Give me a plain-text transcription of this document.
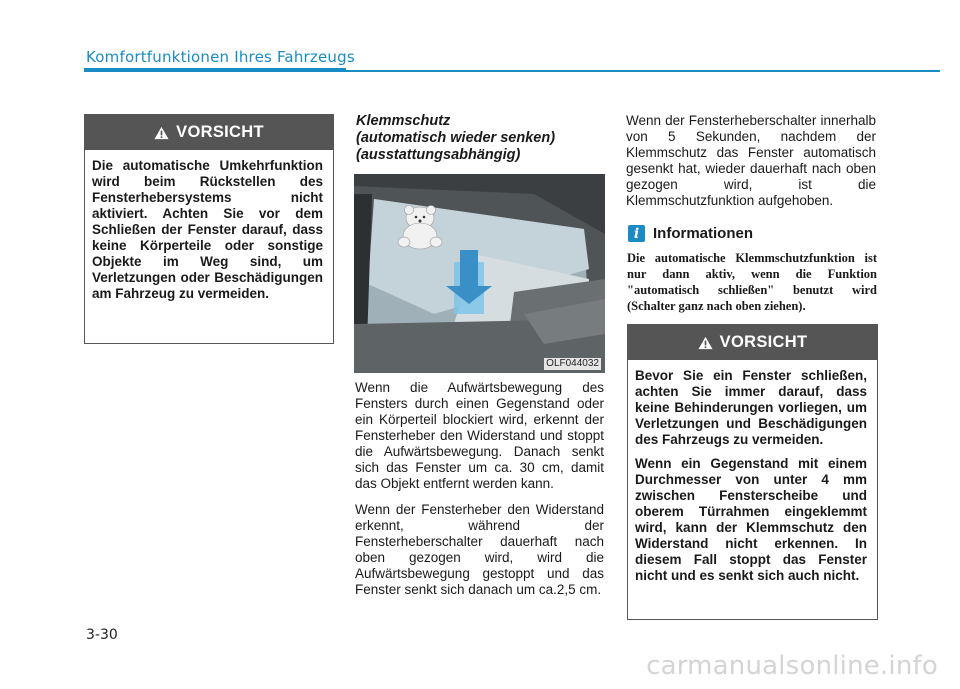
Komfortfunktionen Ihres Fahrzeugs
VORSICHT

Die automatische Umkehrfunktion wird beim Rückstellen des Fensterhebersystems nicht aktiviert. Achten Sie vor dem Schließen der Fenster darauf, dass keine Körperteile oder sonstige Objekte im Weg sind, um Verletzungen oder Beschädigungen am Fahrzeug zu vermeiden.

Klemmschutz
(automatisch wieder senken)
(ausstattungsabhängig)
OLF044032

Wenn die Aufwärtsbewegung des Fensters durch einen Gegenstand oder ein Körperteil blockiert wird, erkennt der Fensterheber den Widerstand und stoppt die Aufwärtsbewegung. Danach senkt sich das Fenster um ca. 30 cm, damit das Objekt entfernt werden kann.

Wenn der Fensterheber den Widerstand erkennt, während der Fensterheberschalter dauerhaft nach oben gezogen wird, wird die Aufwärtsbewegung gestoppt und das Fenster senkt sich danach um ca.2,5 cm.

Wenn der Fensterheberschalter innerhalb von 5 Sekunden, nachdem der Klemmschutz das Fenster automatisch gesenkt hat, wieder dauerhaft nach oben gezogen wird, ist die Klemmschutzfunktion aufgehoben.

i Informationen
Die automatische Klemmschutzfunktion ist nur dann aktiv, wenn die Funktion "automatisch schließen" benutzt wird (Schalter ganz nach oben ziehen).
VORSICHT

Bevor Sie ein Fenster schließen, achten Sie immer darauf, dass keine Behinderungen vorliegen, um Verletzungen und Beschädigungen des Fahrzeugs zu vermeiden.

Wenn ein Gegenstand mit einem Durchmesser von unter 4 mm zwischen Fensterscheibe und oberem Türrahmen eingeklemmt wird, kann der Klemmschutz den Widerstand nicht erkennen. In diesem Fall stoppt das Fenster nicht und es senkt sich auch nicht.

3-30
carmanualsonline.info
